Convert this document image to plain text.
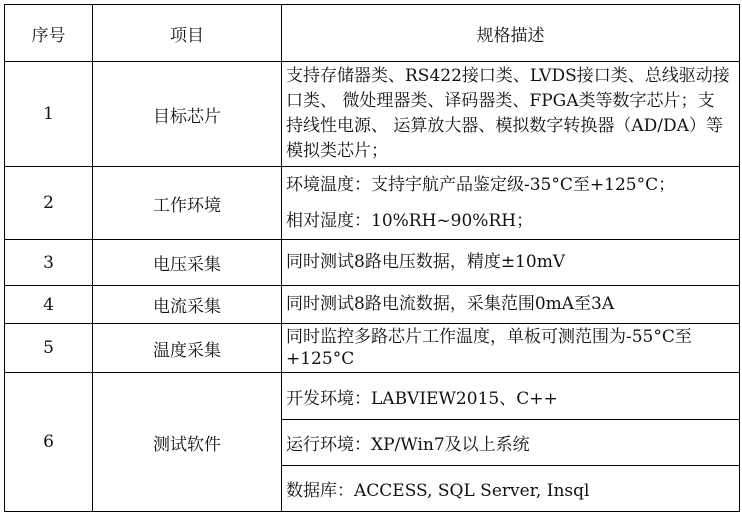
序号	项目	规格描述
1	目标芯片	支持存储器类、RS422接口类、LVDS接口类、总线驱动接
口类、 微处理器类、译码器类、FPGA类等数字芯片；支
持线性电源、 运算放大器、模拟数字转换器（AD/DA）等
模拟类芯片；

2	工作环境	环境温度：支持宇航产品鉴定级-35°C至+125°C；
相对湿度：10%RH~90%RH；

3	电压采集	同时测试8路电压数据，精度±10mV

4	电流采集	同时测试8路电流数据，采集范围0mA至3A

5	温度采集	同时监控多路芯片工作温度，单板可测范围为-55°C至
+125°C

6	测试软件	开发环境：LABVIEW2015、C++
运行环境：XP/Win7及以上系统
数据库：ACCESS, SQL Server, Insql
